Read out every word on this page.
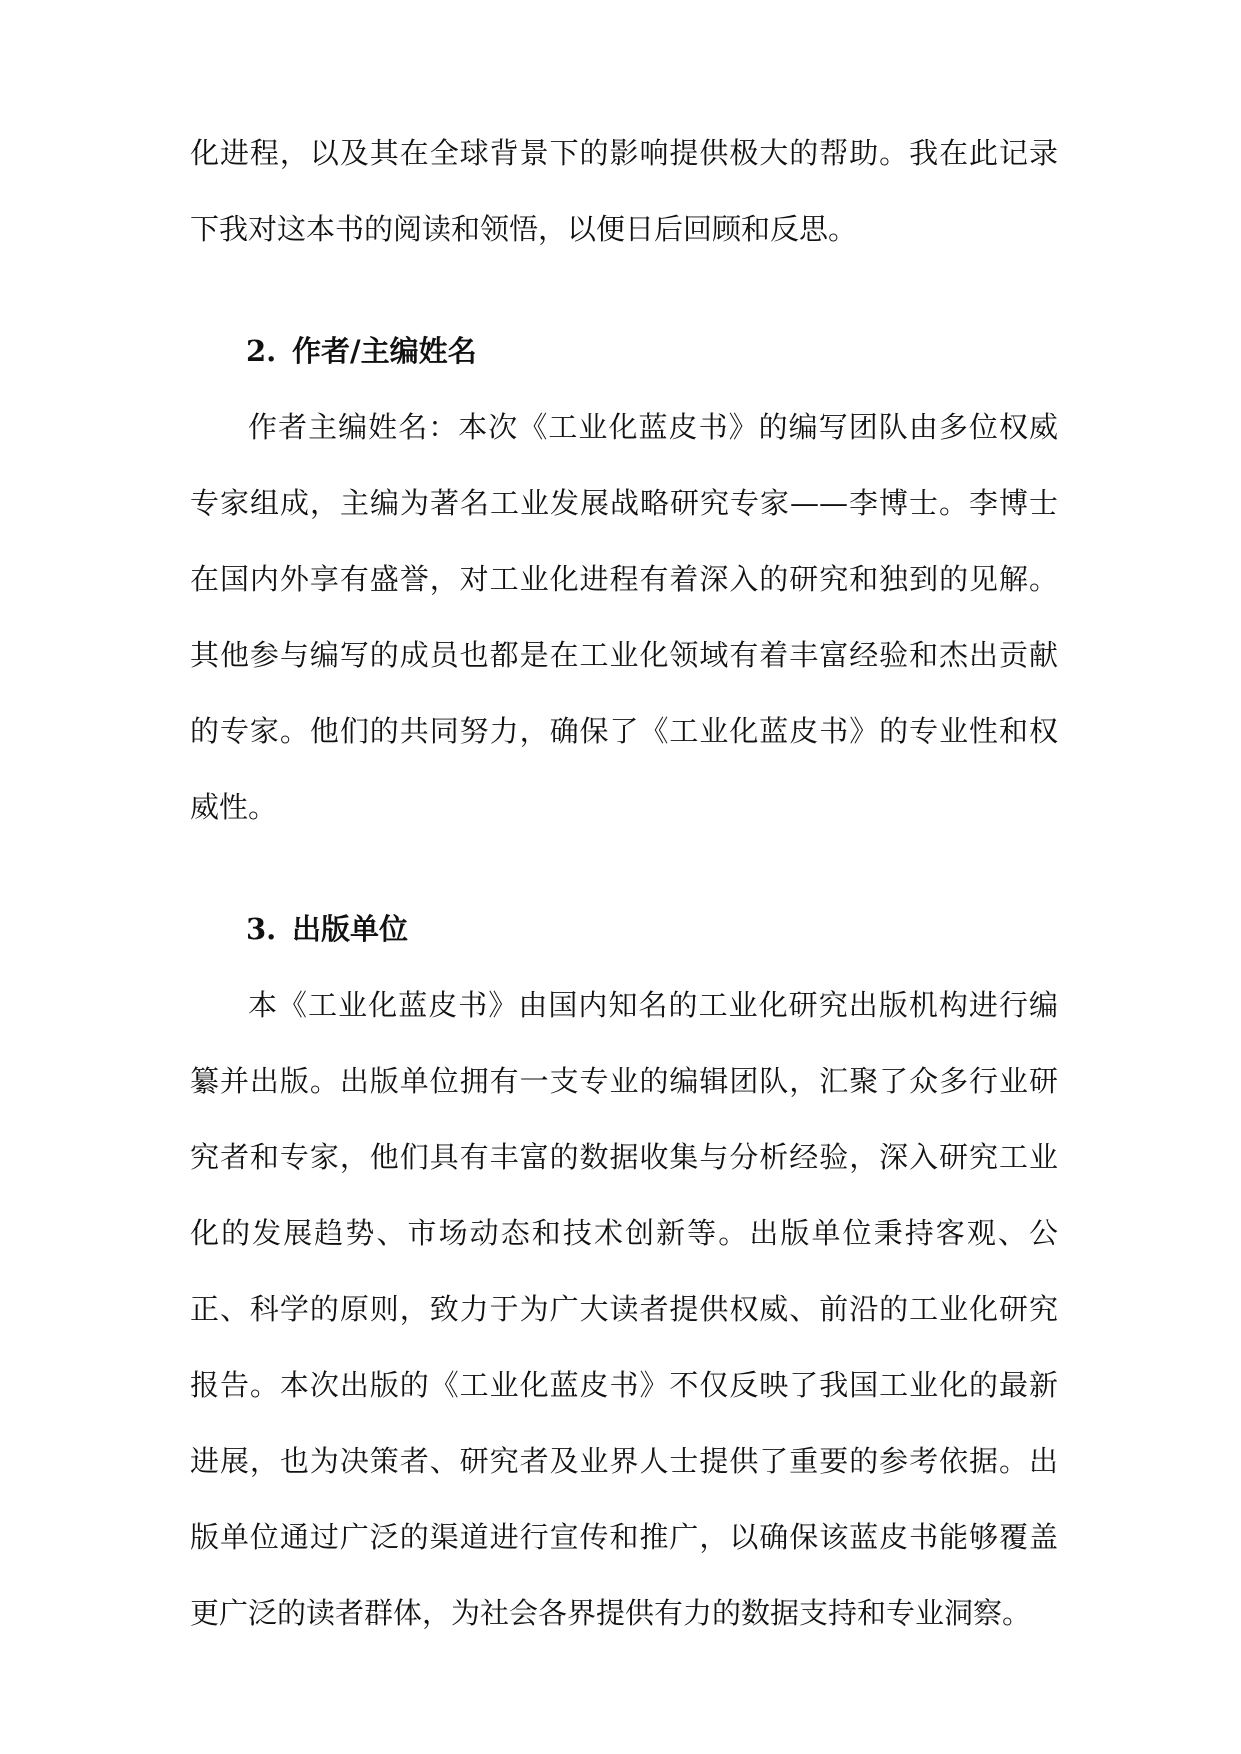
化进程，以及其在全球背景下的影响提供极大的帮助。我在此记录下我对这本书的阅读和领悟，以便日后回顾和反思。

2. 作者/主编姓名

作者主编姓名：本次《工业化蓝皮书》的编写团队由多位权威专家组成，主编为著名工业发展战略研究专家——李博士。李博士在国内外享有盛誉，对工业化进程有着深入的研究和独到的见解。其他参与编写的成员也都是在工业化领域有着丰富经验和杰出贡献的专家。他们的共同努力，确保了《工业化蓝皮书》的专业性和权威性。

3. 出版单位

本《工业化蓝皮书》由国内知名的工业化研究出版机构进行编纂并出版。出版单位拥有一支专业的编辑团队，汇聚了众多行业研究者和专家，他们具有丰富的数据收集与分析经验，深入研究工业化的发展趋势、市场动态和技术创新等。出版单位秉持客观、公正、科学的原则，致力于为广大读者提供权威、前沿的工业化研究报告。本次出版的《工业化蓝皮书》不仅反映了我国工业化的最新进展，也为决策者、研究者及业界人士提供了重要的参考依据。出版单位通过广泛的渠道进行宣传和推广，以确保该蓝皮书能够覆盖更广泛的读者群体，为社会各界提供有力的数据支持和专业洞察。
